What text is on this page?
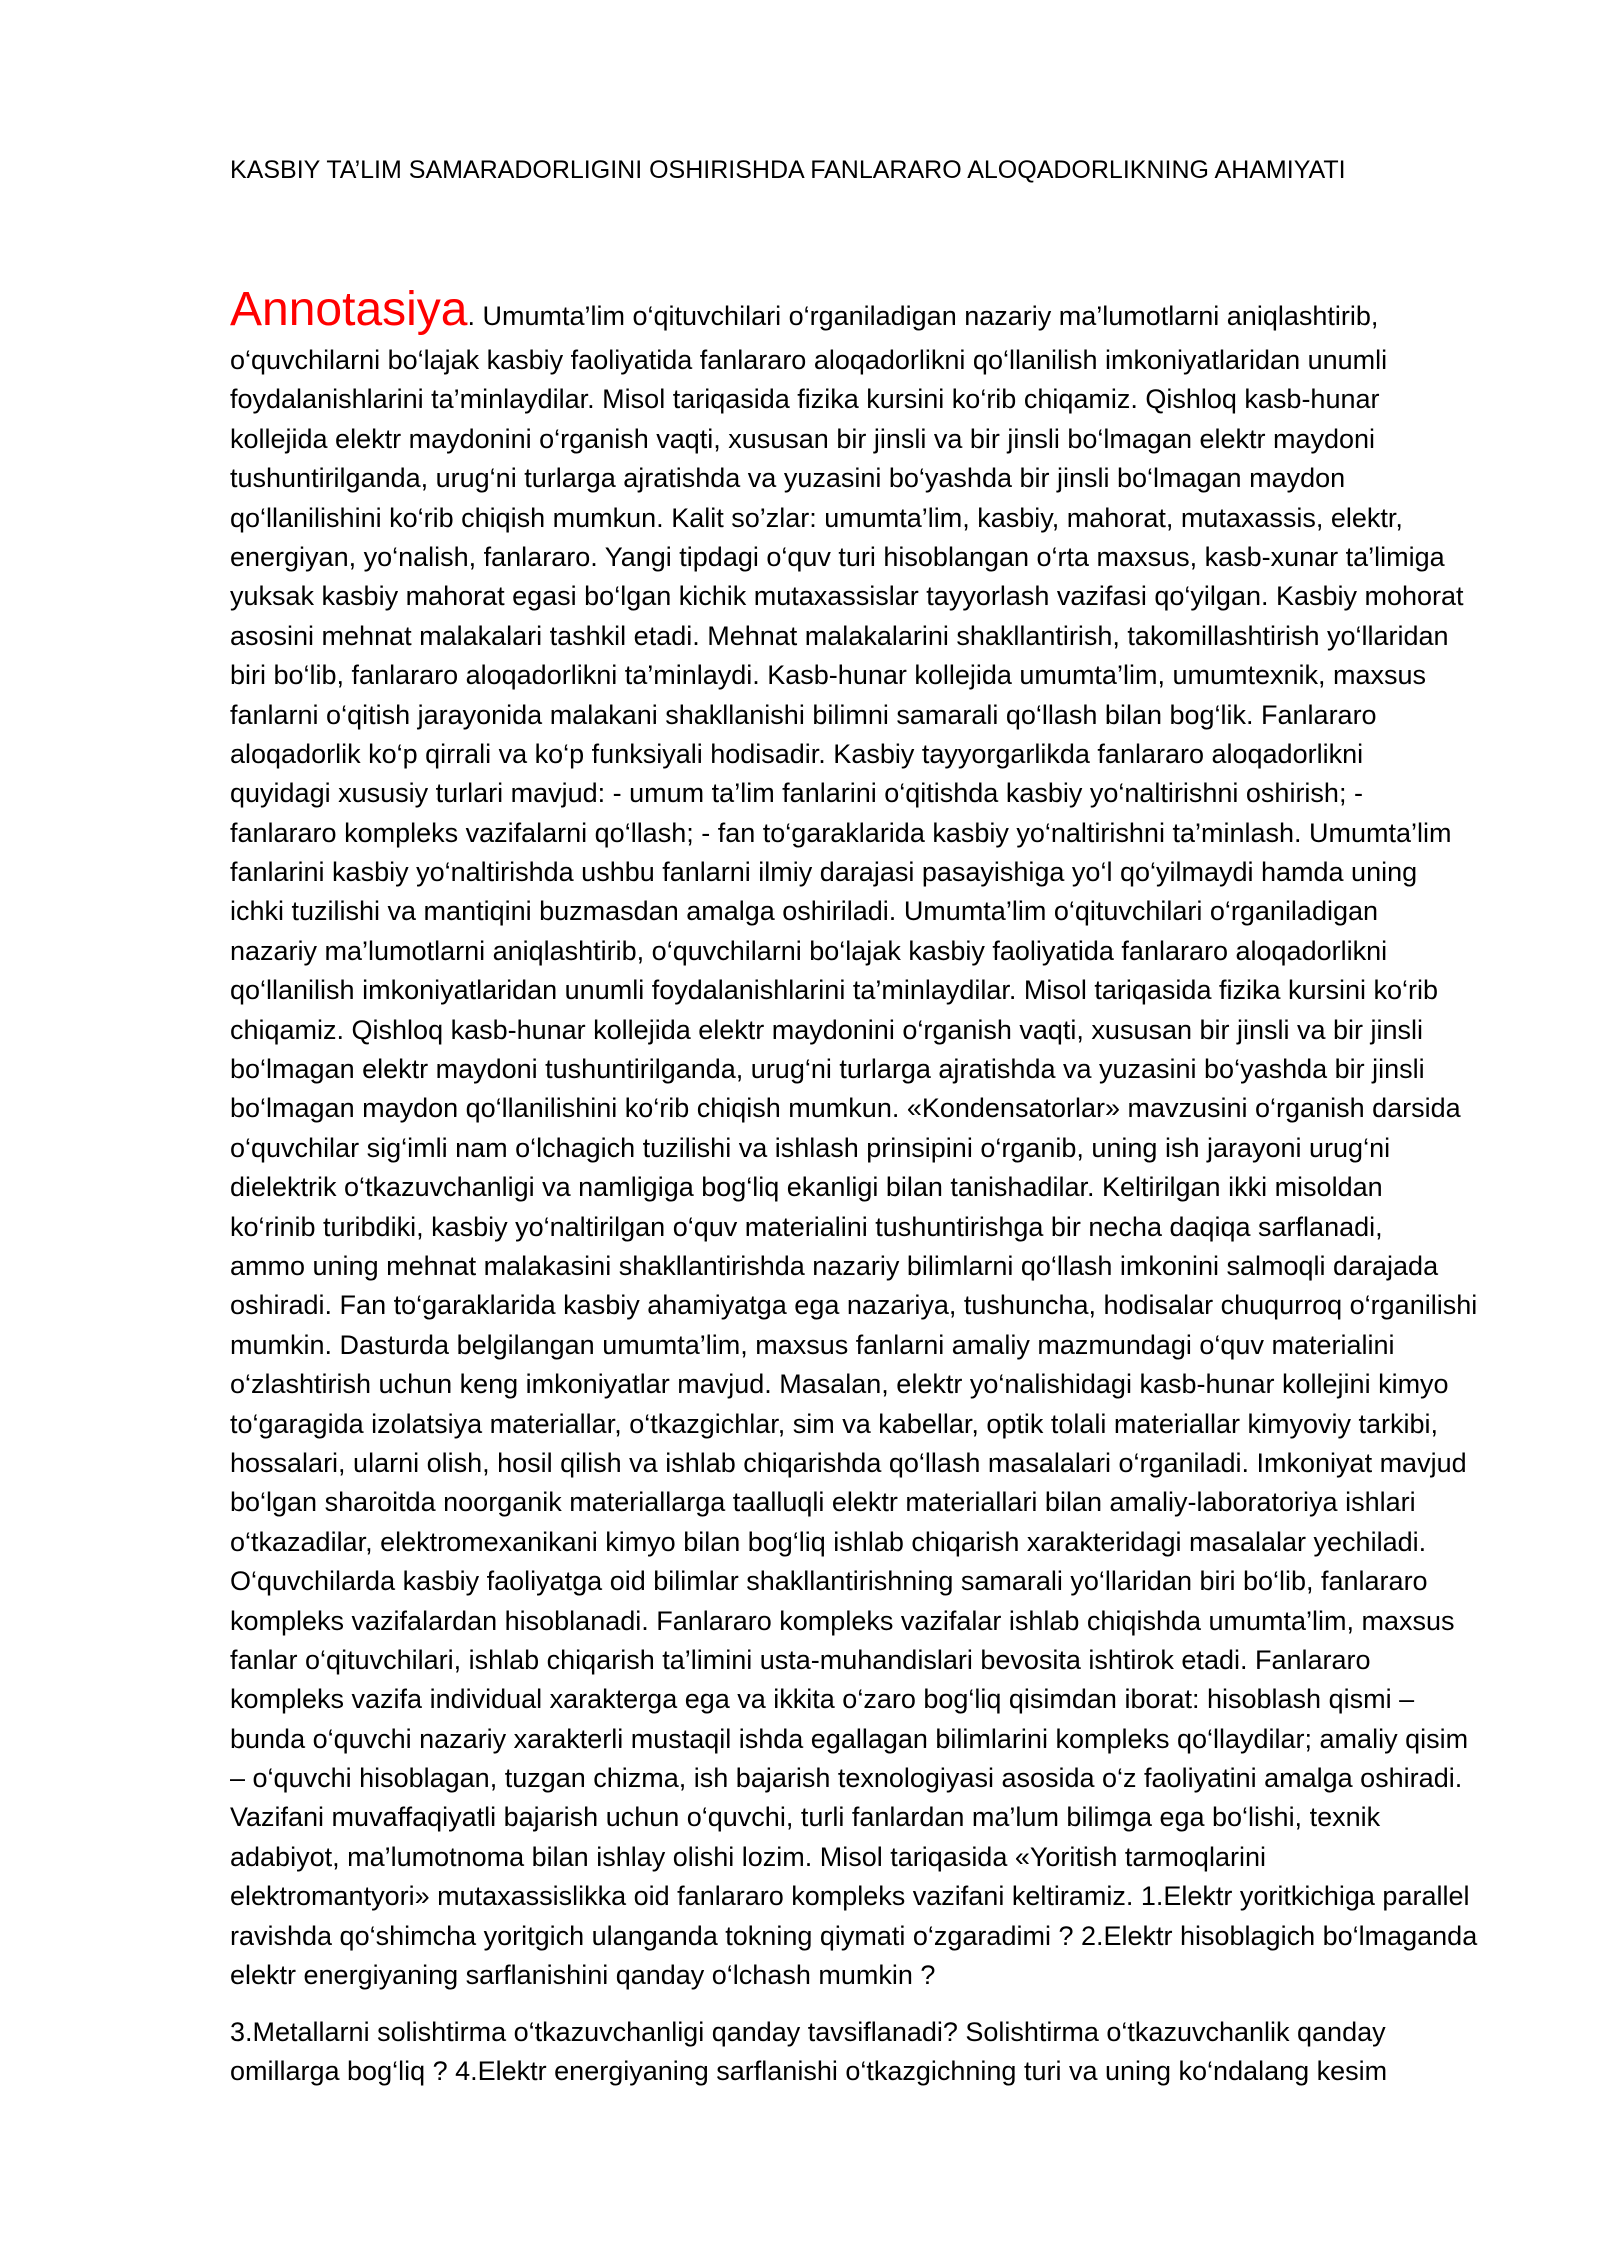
KASBIY TA’LIM SAMARADORLIGINI OSHIRISHDA FANLARARO ALOQADORLIKNING AHAMIYATI
Annotasiya. Umumta’lim o‘qituvchilari o‘rganiladigan nazariy ma’lumotlarni aniqlashtirib,
o‘quvchilarni bo‘lajak kasbiy faoliyatida fanlararo aloqadorlikni qo‘llanilish imkoniyatlaridan unumli
foydalanishlarini ta’minlaydilar. Misol tariqasida fizika kursini ko‘rib chiqamiz. Qishloq kasb-hunar
kollejida elektr maydonini o‘rganish vaqti, xususan bir jinsli va bir jinsli bo‘lmagan elektr maydoni
tushuntirilganda, urug‘ni turlarga ajratishda va yuzasini bo‘yashda bir jinsli bo‘lmagan maydon
qo‘llanilishini ko‘rib chiqish mumkun. Kalit so’zlar: umumta’lim, kasbiy, mahorat, mutaxassis, elektr,
energiyan, yo‘nalish, fanlararo. Yangi tipdagi o‘quv turi hisoblangan o‘rta maxsus, kasb-xunar ta’limiga
yuksak kasbiy mahorat egasi bo‘lgan kichik mutaxassislar tayyorlash vazifasi qo‘yilgan. Kasbiy mohorat
asosini mehnat malakalari tashkil etadi. Mehnat malakalarini shakllantirish, takomillashtirish yo‘llaridan
biri bo‘lib, fanlararo aloqadorlikni ta’minlaydi. Kasb-hunar kollejida umumta’lim, umumtexnik, maxsus
fanlarni o‘qitish jarayonida malakani shakllanishi bilimni samarali qo‘llash bilan bog‘lik. Fanlararo
aloqadorlik ko‘p qirrali va ko‘p funksiyali hodisadir. Kasbiy tayyorgarlikda fanlararo aloqadorlikni
quyidagi xususiy turlari mavjud: - umum ta’lim fanlarini o‘qitishda kasbiy yo‘naltirishni oshirish; -
fanlararo kompleks vazifalarni qo‘llash; - fan to‘garaklarida kasbiy yo‘naltirishni ta’minlash. Umumta’lim
fanlarini kasbiy yo‘naltirishda ushbu fanlarni ilmiy darajasi pasayishiga yo‘l qo‘yilmaydi hamda uning
ichki tuzilishi va mantiqini buzmasdan amalga oshiriladi. Umumta’lim o‘qituvchilari o‘rganiladigan
nazariy ma’lumotlarni aniqlashtirib, o‘quvchilarni bo‘lajak kasbiy faoliyatida fanlararo aloqadorlikni
qo‘llanilish imkoniyatlaridan unumli foydalanishlarini ta’minlaydilar. Misol tariqasida fizika kursini ko‘rib
chiqamiz. Qishloq kasb-hunar kollejida elektr maydonini o‘rganish vaqti, xususan bir jinsli va bir jinsli
bo‘lmagan elektr maydoni tushuntirilganda, urug‘ni turlarga ajratishda va yuzasini bo‘yashda bir jinsli
bo‘lmagan maydon qo‘llanilishini ko‘rib chiqish mumkun. «Kondensatorlar» mavzusini o‘rganish darsida
o‘quvchilar sig‘imli nam o‘lchagich tuzilishi va ishlash prinsipini o‘rganib, uning ish jarayoni urug‘ni
dielektrik o‘tkazuvchanligi va namligiga bog‘liq ekanligi bilan tanishadilar. Keltirilgan ikki misoldan
ko‘rinib turibdiki, kasbiy yo‘naltirilgan o‘quv materialini tushuntirishga bir necha daqiqa sarflanadi,
ammo uning mehnat malakasini shakllantirishda nazariy bilimlarni qo‘llash imkonini salmoqli darajada
oshiradi. Fan to‘garaklarida kasbiy ahamiyatga ega nazariya, tushuncha, hodisalar chuqurroq o‘rganilishi
mumkin. Dasturda belgilangan umumta’lim, maxsus fanlarni amaliy mazmundagi o‘quv materialini
o‘zlashtirish uchun keng imkoniyatlar mavjud. Masalan, elektr yo‘nalishidagi kasb-hunar kollejini kimyo
to‘garagida izolatsiya materiallar, o‘tkazgichlar, sim va kabellar, optik tolali materiallar kimyoviy tarkibi,
hossalari, ularni olish, hosil qilish va ishlab chiqarishda qo‘llash masalalari o‘rganiladi. Imkoniyat mavjud
bo‘lgan sharoitda noorganik materiallarga taalluqli elektr materiallari bilan amaliy-laboratoriya ishlari
o‘tkazadilar, elektromexanikani kimyo bilan bog‘liq ishlab chiqarish xarakteridagi masalalar yechiladi.
O‘quvchilarda kasbiy faoliyatga oid bilimlar shakllantirishning samarali yo‘llaridan biri bo‘lib, fanlararo
kompleks vazifalardan hisoblanadi. Fanlararo kompleks vazifalar ishlab chiqishda umumta’lim, maxsus
fanlar o‘qituvchilari, ishlab chiqarish ta’limini usta-muhandislari bevosita ishtirok etadi. Fanlararo
kompleks vazifa individual xarakterga ega va ikkita o‘zaro bog‘liq qisimdan iborat: hisoblash qismi –
bunda o‘quvchi nazariy xarakterli mustaqil ishda egallagan bilimlarini kompleks qo‘llaydilar; amaliy qisim
– o‘quvchi hisoblagan, tuzgan chizma, ish bajarish texnologiyasi asosida o‘z faoliyatini amalga oshiradi.
Vazifani muvaffaqiyatli bajarish uchun o‘quvchi, turli fanlardan ma’lum bilimga ega bo‘lishi, texnik
adabiyot, ma’lumotnoma bilan ishlay olishi lozim. Misol tariqasida «Yoritish tarmoqlarini
elektromantyori» mutaxassislikka oid fanlararo kompleks vazifani keltiramiz. 1.Elektr yoritkichiga parallel
ravishda qo‘shimcha yoritgich ulanganda tokning qiymati o‘zgaradimi ? 2.Elektr hisoblagich bo‘lmaganda
elektr energiyaning sarflanishini qanday o‘lchash mumkin ?
3.Metallarni solishtirma o‘tkazuvchanligi qanday tavsiflanadi? Solishtirma o‘tkazuvchanlik qanday
omillarga bog‘liq ? 4.Elektr energiyaning sarflanishi o‘tkazgichning turi va uning ko‘ndalang kesim
